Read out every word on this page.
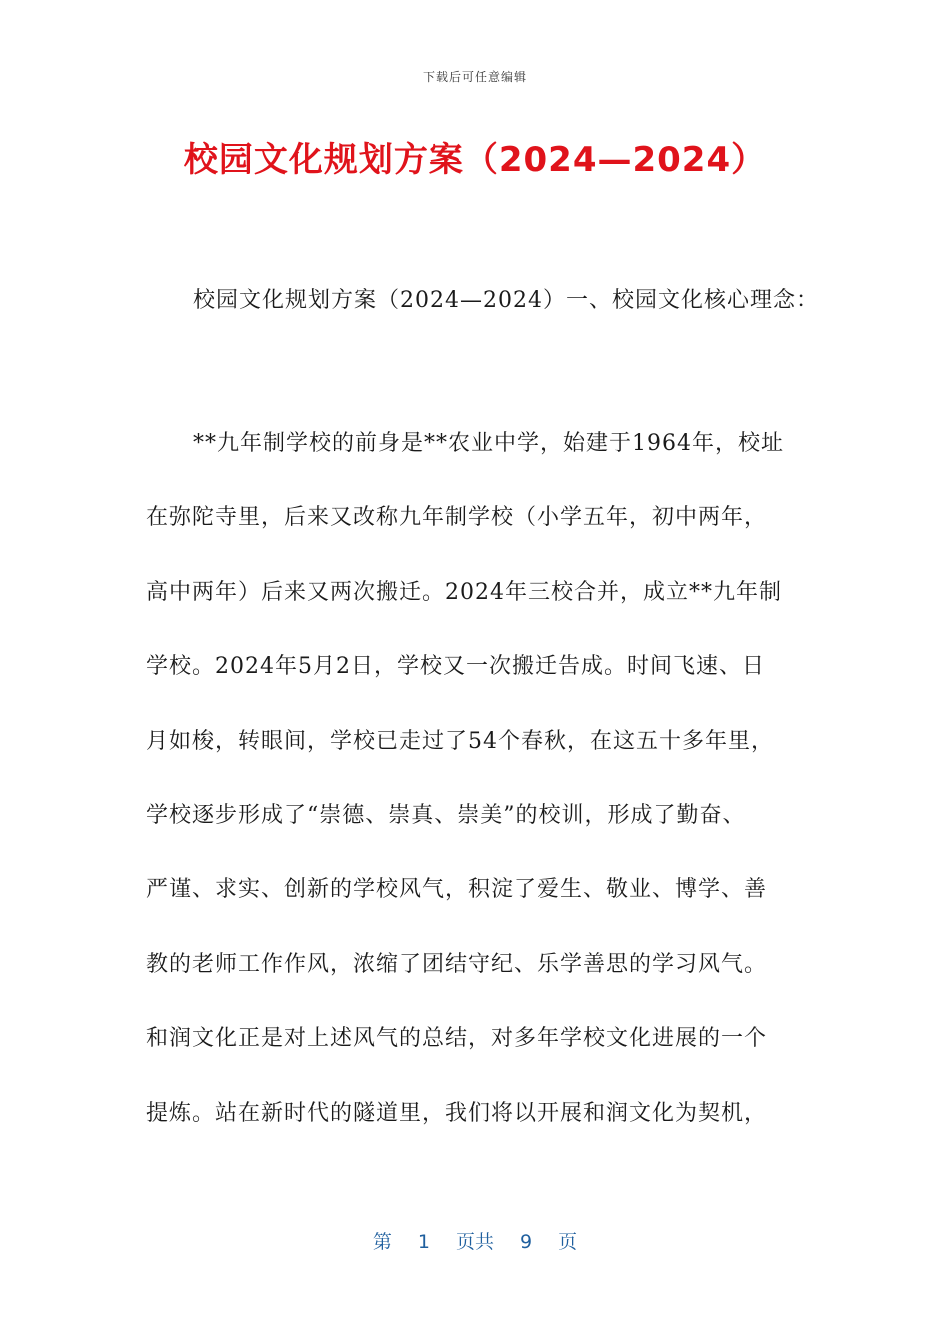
下载后可任意编辑
校园文化规划方案（2024—2024）

校园文化规划方案（2024—2024）一、校园文化核心理念：

**九年制学校的前身是**农业中学，始建于1964年，校址
在弥陀寺里，后来又改称九年制学校（小学五年，初中两年，
高中两年）后来又两次搬迁。2024年三校合并，成立**九年制
学校。2024年5月2日，学校又一次搬迁告成。时间飞速、日
月如梭，转眼间，学校已走过了54个春秋，在这五十多年里，
学校逐步形成了“崇德、崇真、崇美”的校训，形成了勤奋、
严谨、求实、创新的学校风气，积淀了爱生、敬业、博学、善
教的老师工作作风，浓缩了团结守纪、乐学善思的学习风气。
和润文化正是对上述风气的总结，对多年学校文化进展的一个
提炼。站在新时代的隧道里，我们将以开展和润文化为契机，
第 1 页共 9 页
